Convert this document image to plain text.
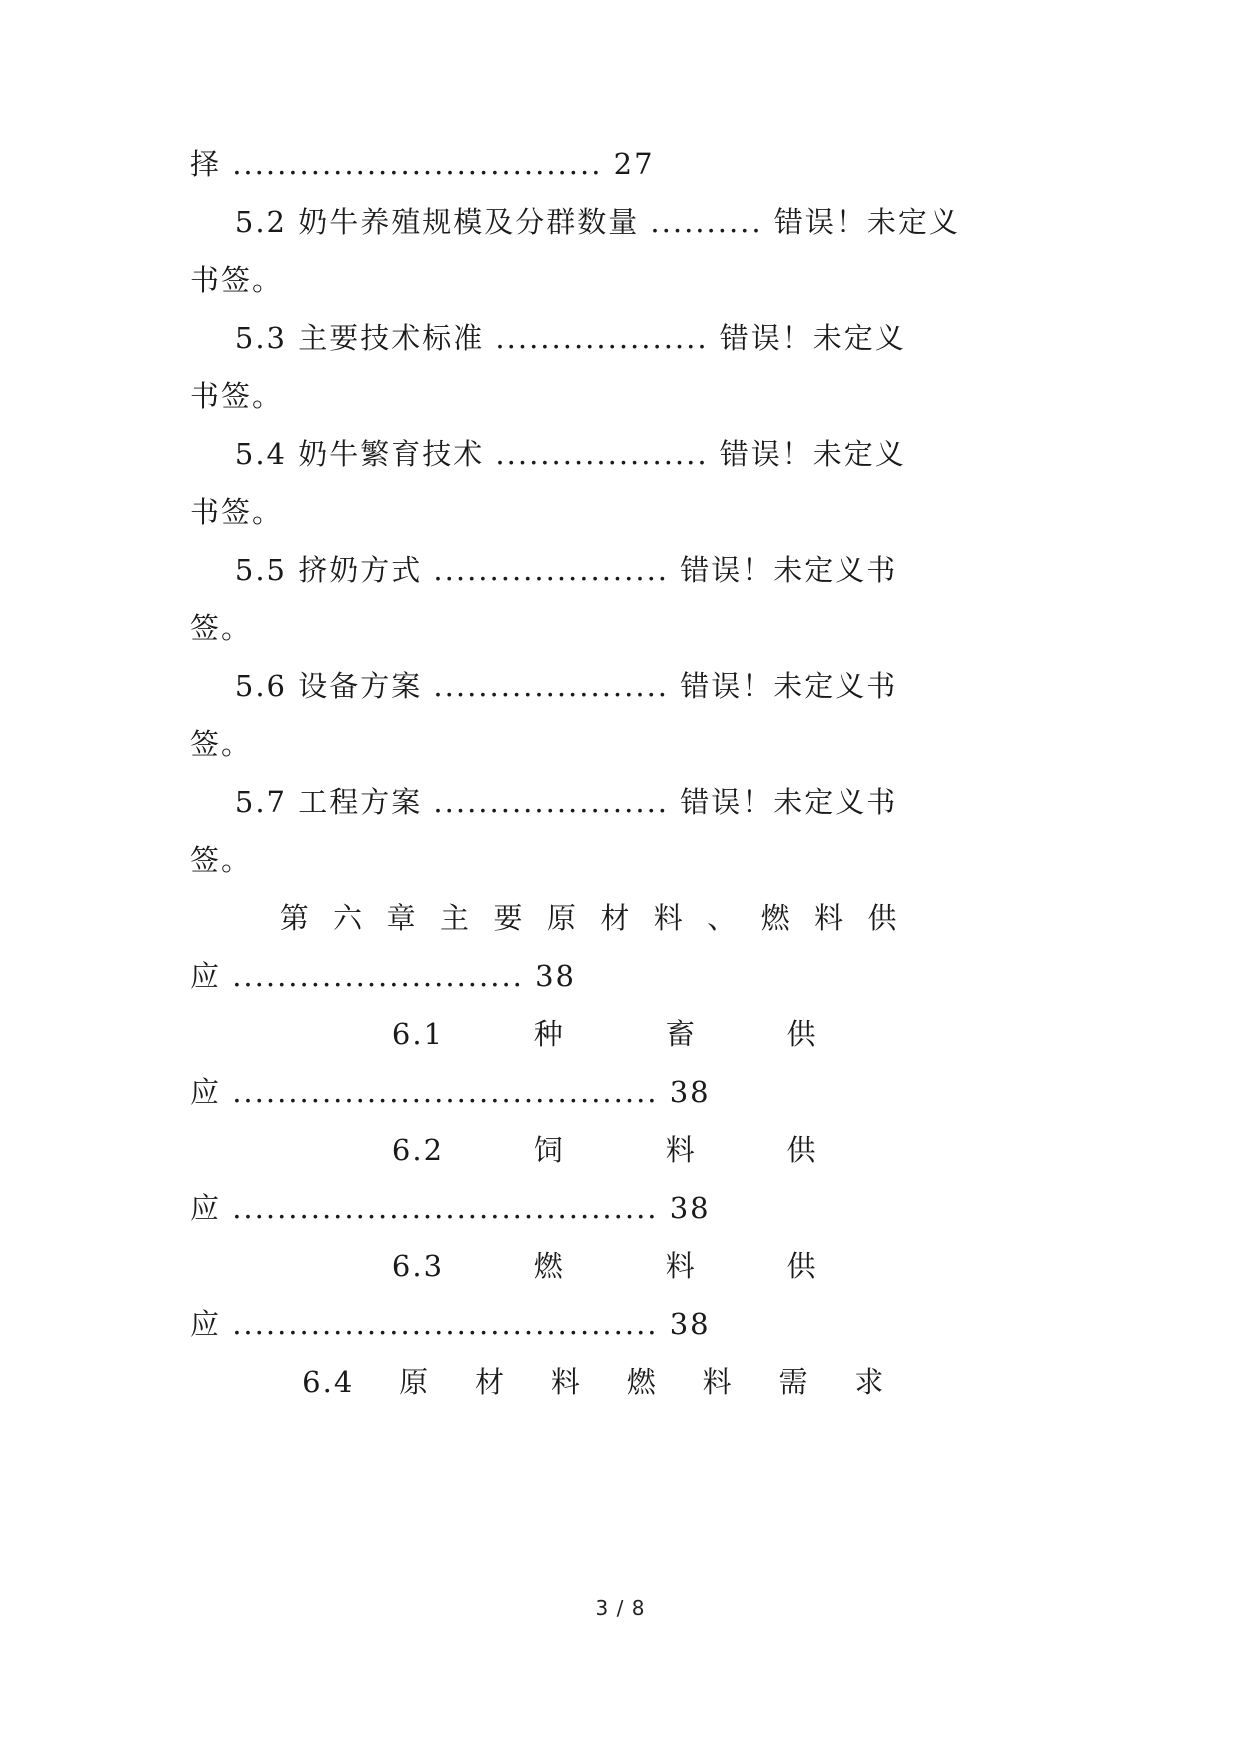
择 ................................. 27
5.2 奶牛养殖规模及分群数量 .......... 错误！未定义
书签。
5.3 主要技术标准 ................... 错误！未定义
书签。
5.4 奶牛繁育技术 ................... 错误！未定义
书签。
5.5 挤奶方式 ..................... 错误！未定义书
签。
5.6 设备方案 ..................... 错误！未定义书
签。
5.7 工程方案 ..................... 错误！未定义书
签。
第  六  章  主  要  原  材  料  、  燃  料  供
应 .......................... 38
6.1        种         畜        供
应 ...................................... 38
6.2        饲         料        供
应 ...................................... 38
6.3        燃         料        供
应 ...................................... 38
6.4    原    材    料    燃    料    需    求
3 / 8
